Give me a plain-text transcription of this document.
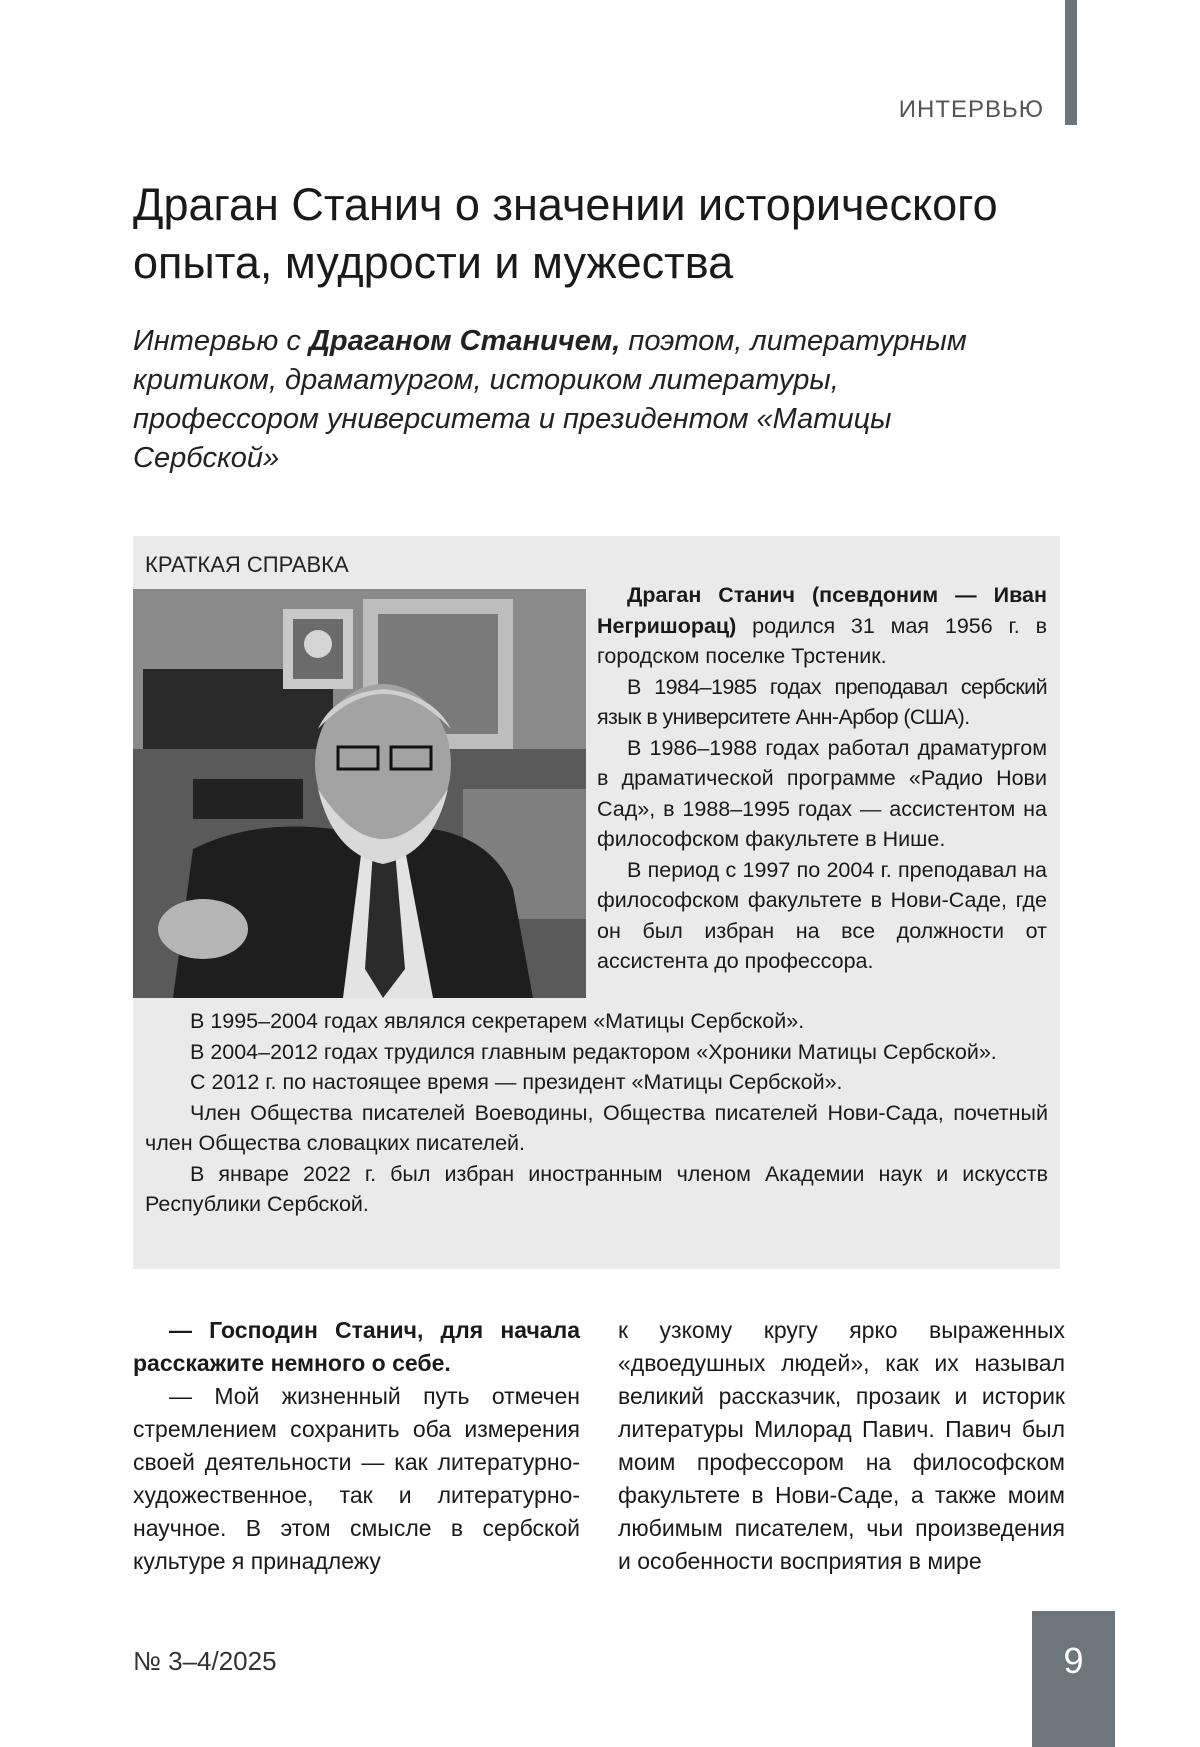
ИНТЕРВЬЮ
Драган Станич о значении исторического опыта, мудрости и мужества

Интервью с Драганом Станичем, поэтом, литературным критиком, драматургом, историком литературы, профессором университета и президентом «Матицы Сербской»

КРАТКАЯ СПРАВКА

Драган Станич (псевдоним — Иван Негришорац) родился 31 мая 1956 г. в городском поселке Трстеник.

В 1984–1985 годах преподавал сербский язык в университете Анн-Арбор (США).

В 1986–1988 годах работал драматургом в драматической программе «Радио Нови Сад», в 1988–1995 годах — ассистентом на философском факультете в Нише.

В период с 1997 по 2004 г. преподавал на философском факультете в Нови-Саде, где он был избран на все должности от ассистента до профессора.

В 1995–2004 годах являлся секретарем «Матицы Сербской».

В 2004–2012 годах трудился главным редактором «Хроники Матицы Сербской».

С 2012 г. по настоящее время — президент «Матицы Сербской».

Член Общества писателей Воеводины, Общества писателей Нови-Сада, почетный член Общества словацких писателей.

В январе 2022 г. был избран иностранным членом Академии наук и искусств Республики Сербской.

— Господин Станич, для начала расскажите немного о себе.

— Мой жизненный путь отмечен стремлением сохранить оба измерения своей деятельности — как литературно-художественное, так и литературно-научное. В этом смысле в сербской культуре я принадлежу

к узкому кругу ярко выраженных «двоедушных людей», как их называл великий рассказчик, прозаик и историк литературы Милорад Павич. Павич был моим профессором на философском факультете в Нови-Саде, а также моим любимым писателем, чьи произведения и особенности восприятия в мире

№ 3–4/2025	9
